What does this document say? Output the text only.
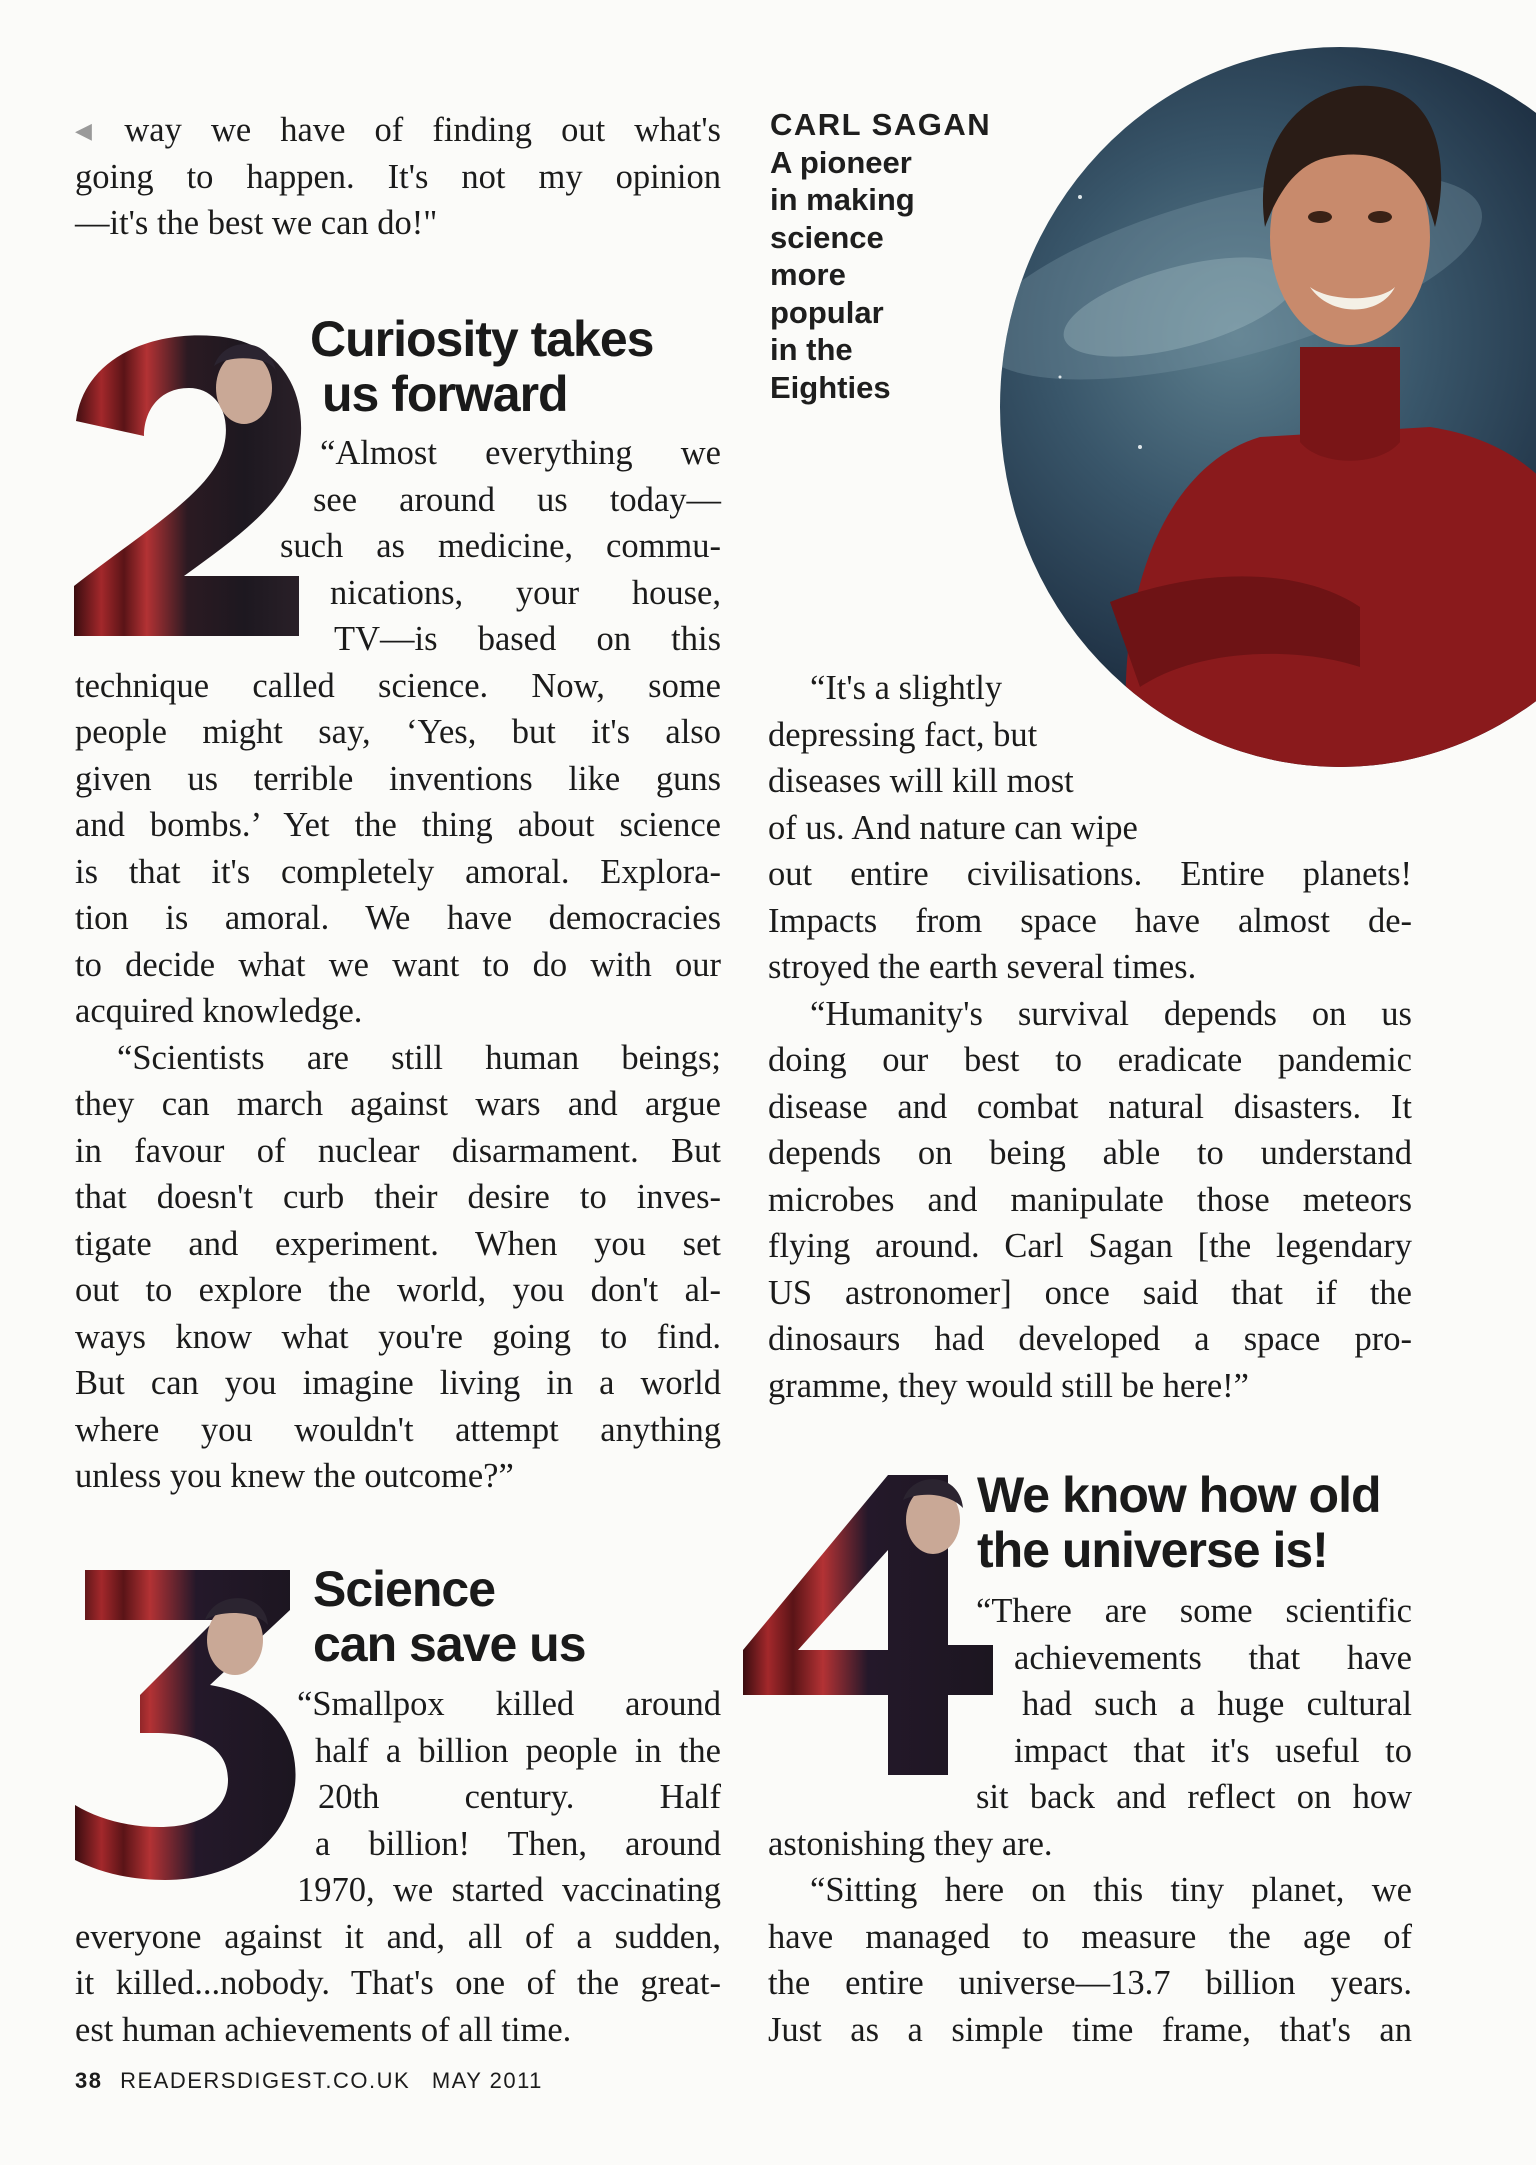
◀ way we have of finding out what's
going to happen. It's not my opinion
—it's the best we can do!"
Curiosity takes
us forward
“Almost everything we
see around us today—
such as medicine, commu-
nications, your house,
TV—is based on this
technique called science. Now, some
people might say, ‘Yes, but it's also
given us terrible inventions like guns
and bombs.’ Yet the thing about science
is that it's completely amoral. Explora-
tion is amoral. We have democracies
to decide what we want to do with our
acquired knowledge.
“Scientists are still human beings;
they can march against wars and argue
in favour of nuclear disarmament. But
that doesn't curb their desire to inves-
tigate and experiment. When you set
out to explore the world, you don't al-
ways know what you're going to find.
But can you imagine living in a world
where you wouldn't attempt anything
unless you knew the outcome?”
Science
can save us
“Smallpox killed around
half a billion people in the
20th century. Half
a billion! Then, around
1970, we started vaccinating
everyone against it and, all of a sudden,
it killed...nobody. That's one of the great-
est human achievements of all time.
CARL SAGAN
A pioneer
in making
science
more
popular
in the
Eighties
“It's a slightly
depressing fact, but
diseases will kill most
of us. And nature can wipe
out entire civilisations. Entire planets!
Impacts from space have almost de-
stroyed the earth several times.
“Humanity's survival depends on us
doing our best to eradicate pandemic
disease and combat natural disasters. It
depends on being able to understand
microbes and manipulate those meteors
flying around. Carl Sagan [the legendary
US astronomer] once said that if the
dinosaurs had developed a space pro-
gramme, they would still be here!”
We know how old
the universe is!
“There are some scientific
achievements that have
had such a huge cultural
impact that it's useful to
sit back and reflect on how
astonishing they are.
“Sitting here on this tiny planet, we
have managed to measure the age of
the entire universe—13.7 billion years.
Just as a simple time frame, that's an
38 READERSDIGEST.CO.UK MAY 2011
